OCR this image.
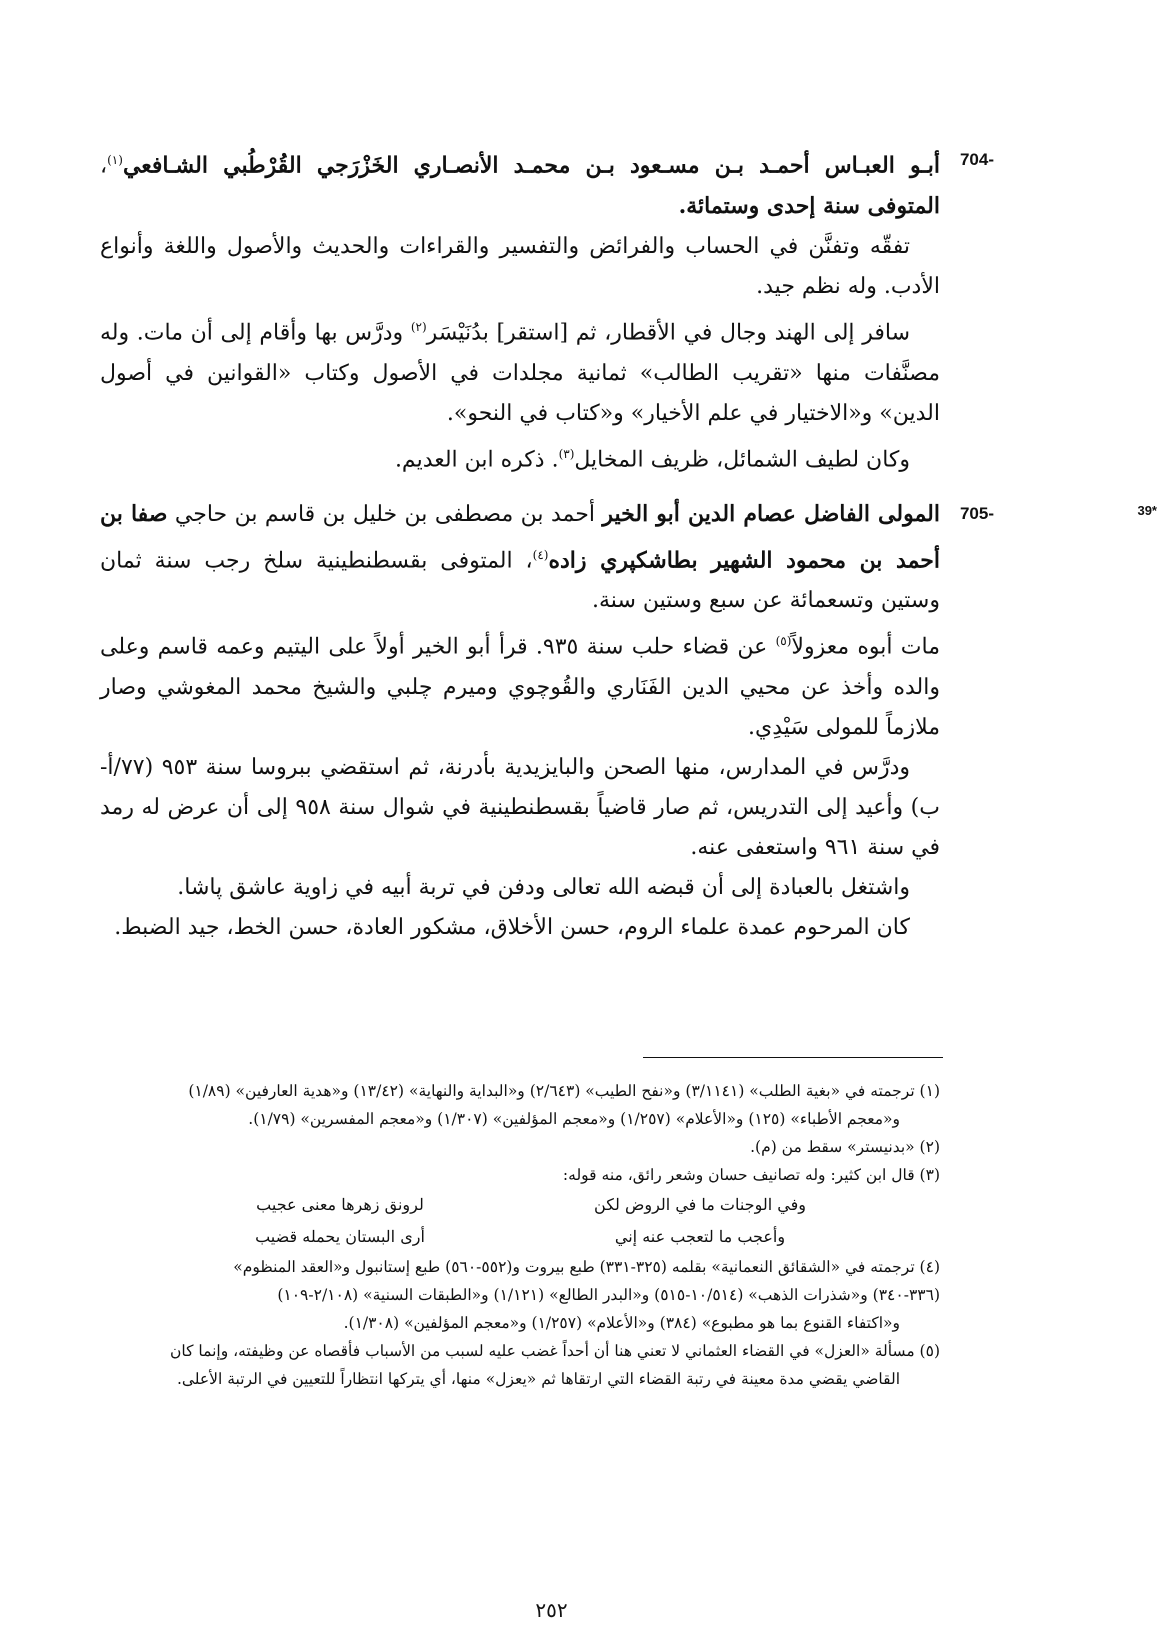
704-
أبـو العبـاس أحمـد بـن مسـعود بـن محمـد الأنصـاري الخَزْرَجي القُرْطُبي الشـافعي$^{(١)}$، المتوفى سنة إحدى وستمائة.

تفقّه وتفنَّن في الحساب والفرائض والتفسير والقراءات والحديث والأصول واللغة وأنواع الأدب. وله نظم جيد.

سافر إلى الهند وجال في الأقطار، ثم [استقر] بدُنَيْسَر$^{(٢)}$ ودرَّس بها وأقام إلى أن مات. وله مصنَّفات منها «تقريب الطالب» ثمانية مجلدات في الأصول وكتاب «القوانين في أصول الدين» و«الاختيار في علم الأخيار» و«كتاب في النحو».

وكان لطيف الشمائل، ظريف المخايل$^{(٣)}$. ذكره ابن العديم.

705-
المولى الفاضل عصام الدين أبو الخير أحمد بن مصطفى بن خليل بن قاسم بن حاجي صفا بن أحمد بن محمود الشهير بطاشكپري زاده$^{(٤)}$، المتوفى بقسطنطينية سلخ رجب سنة ثمان وستين وتسعمائة عن سبع وستين سنة.

مات أبوه معزولاً$^{(٥)}$ عن قضاء حلب سنة ٩٣٥. قرأ أبو الخير أولاً على اليتيم وعمه قاسم وعلى والده وأخذ عن محيي الدين الفَنَاري والقُوچوي وميرم چلبي والشيخ محمد المغوشي وصار ملازماً للمولى سَيْدِي.

ودرَّس في المدارس، منها الصحن والبايزيدية بأدرنة، ثم استقضي ببروسا سنة ٩٥٣ (٧٧/أ-ب) وأعيد إلى التدريس، ثم صار قاضياً بقسطنطينية في شوال سنة ٩٥٨ إلى أن عرض له رمد في سنة ٩٦١ واستعفى عنه.

واشتغل بالعبادة إلى أن قبضه الله تعالى ودفن في تربة أبيه في زاوية عاشق پاشا.

كان المرحوم عمدة علماء الروم، حسن الأخلاق، مشكور العادة، حسن الخط، جيد الضبط.

39*

(١) ترجمته في «بغية الطلب» (٣/١١٤١) و«نفح الطيب» (٢/٦٤٣) و«البداية والنهاية» (١٣/٤٢) و«هدية العارفين» (١/٨٩)

و«معجم الأطباء» (١٢٥) و«الأعلام» (١/٢٥٧) و«معجم المؤلفين» (١/٣٠٧) و«معجم المفسرين» (١/٧٩).

(٢) «بدنيستر» سقط من (م).

(٣) قال ابن كثير: وله تصانيف حسان وشعر رائق، منه قوله:

وفي الوجنات ما في الروض لكن
لرونق زهرها معنى عجيب
وأعجب ما لتعجب عنه إني
أرى البستان يحمله قضيب

(٤) ترجمته في «الشقائق النعمانية» بقلمه (٣٢٥-٣٣١) طبع بيروت و(٥٥٢-٥٦٠) طبع إستانبول و«العقد المنظوم»

(٣٣٦-٣٤٠) و«شذرات الذهب» (١٠/٥١٤-٥١٥) و«البدر الطالع» (١/١٢١) و«الطبقات السنية» (٢/١٠٨-١٠٩)

و«اكتفاء القنوع بما هو مطبوع» (٣٨٤) و«الأعلام» (١/٢٥٧) و«معجم المؤلفين» (١/٣٠٨).

(٥) مسألة «العزل» في القضاء العثماني لا تعني هنا أن أحداً غضب عليه لسبب من الأسباب فأقصاه عن وظيفته، وإنما كان

القاضي يقضي مدة معينة في رتبة القضاء التي ارتقاها ثم «يعزل» منها، أي يتركها انتظاراً للتعيين في الرتبة الأعلى.

٢٥٢
